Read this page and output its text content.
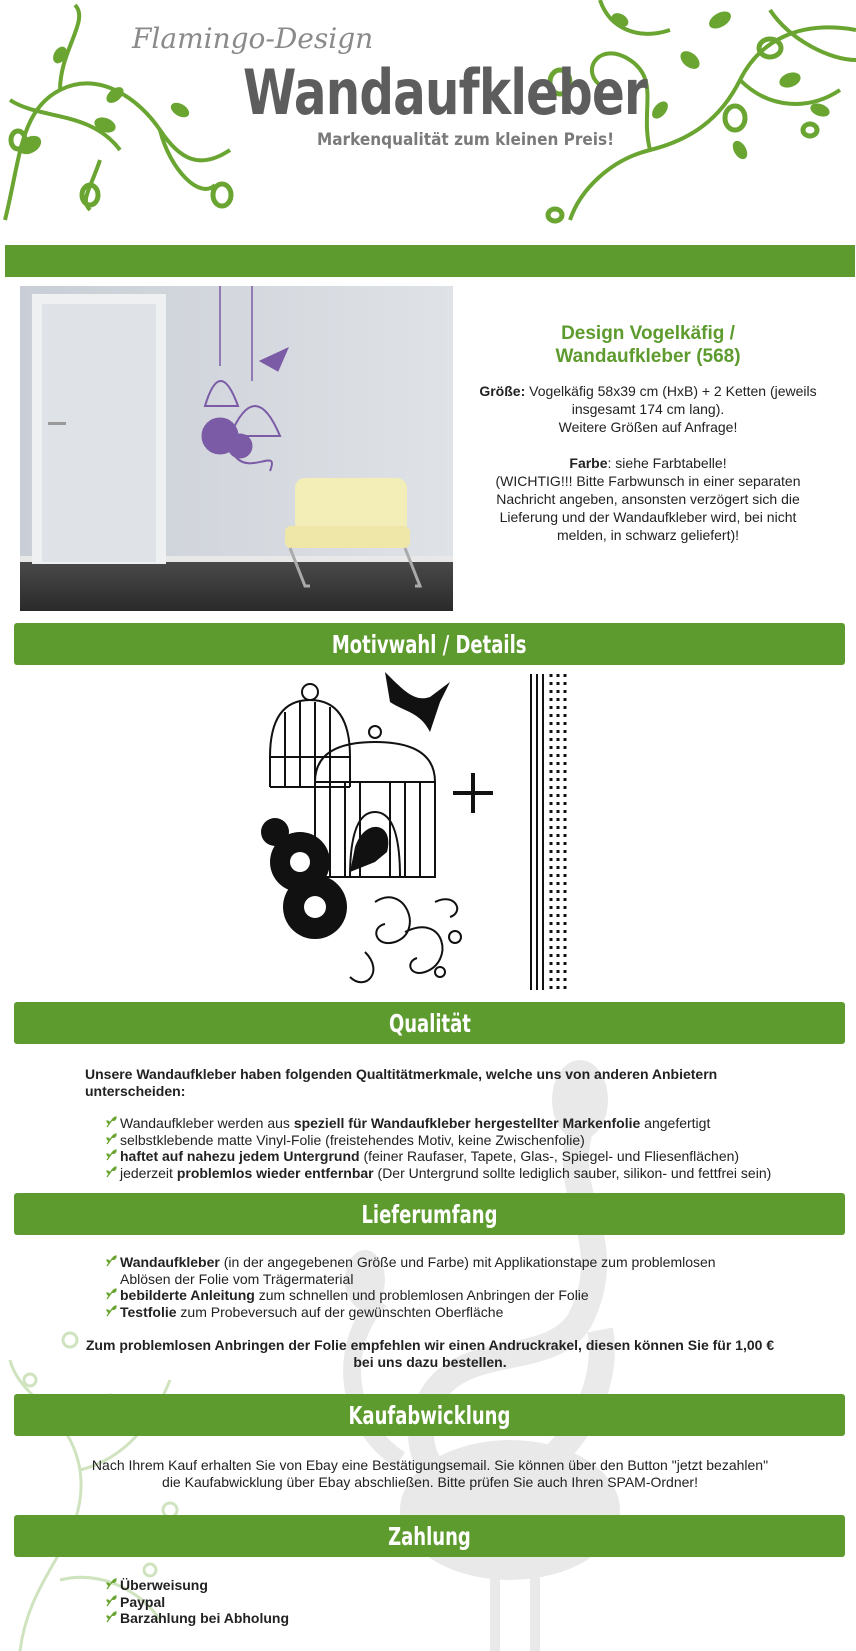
Flamingo-Design
Wandaufkleber
Markenqualität zum kleinen Preis!
Design Vogelkäfig /
Wandaufkleber (568)

Größe: Vogelkäfig 58x39 cm (HxB) + 2 Ketten (jeweils insgesamt 174 cm lang).

Weitere Größen auf Anfrage!

Farbe: siehe Farbtabelle!

(WICHTIG!!! Bitte Farbwunsch in einer separaten Nachricht angeben, ansonsten verzögert sich die Lieferung und der Wandaufkleber wird, bei nicht melden, in schwarz geliefert)!

Motivwahl / Details
Qualität
Unsere Wandaufkleber haben folgenden Qualtitätmerkmale, welche uns von anderen Anbietern unterscheiden:
Wandaufkleber werden aus speziell für Wandaufkleber hergestellter Markenfolie angefertigt
selbstklebende matte Vinyl-Folie (freistehendes Motiv, keine Zwischenfolie)
haftet auf nahezu jedem Untergrund (feiner Raufaser, Tapete, Glas-, Spiegel- und Fliesenflächen)
jederzeit problemlos wieder entfernbar (Der Untergrund sollte lediglich sauber, silikon- und fettfrei sein)
Lieferumfang
Wandaufkleber (in der angegebenen Größe und Farbe) mit Applikationstape zum problemlosen Ablösen der Folie vom Trägermaterial
bebilderte Anleitung zum schnellen und problemlosen Anbringen der Folie
Testfolie zum Probeversuch auf der gewünschten Oberfläche
Zum problemlosen Anbringen der Folie empfehlen wir einen Andruckrakel, diesen können Sie für 1,00 € bei uns dazu bestellen.
Kaufabwicklung
Nach Ihrem Kauf erhalten Sie von Ebay eine Bestätigungsemail. Sie können über den Button "jetzt bezahlen" die Kaufabwicklung über Ebay abschließen. Bitte prüfen Sie auch Ihren SPAM-Ordner!
Zahlung
Überweisung
Paypal
Barzahlung bei Abholung
